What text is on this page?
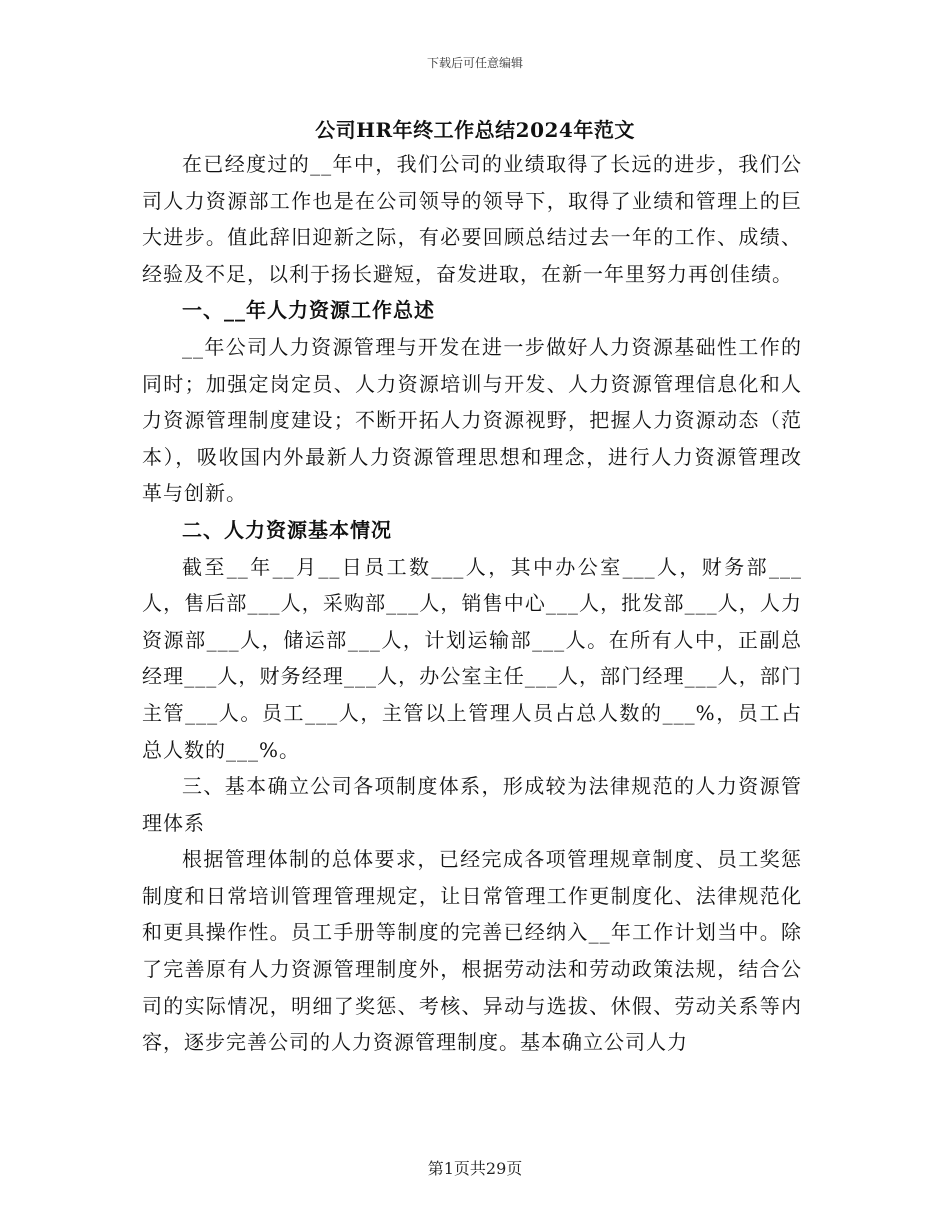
下载后可任意编辑
公司HR年终工作总结2024年范文

在已经度过的__年中，我们公司的业绩取得了长远的进步，我们公司人力资源部工作也是在公司领导的领导下，取得了业绩和管理上的巨大进步。值此辞旧迎新之际，有必要回顾总结过去一年的工作、成绩、经验及不足，以利于扬长避短，奋发进取，在新一年里努力再创佳绩。

一、__年人力资源工作总述

__年公司人力资源管理与开发在进一步做好人力资源基础性工作的同时；加强定岗定员、人力资源培训与开发、人力资源管理信息化和人力资源管理制度建设；不断开拓人力资源视野，把握人力资源动态（范本），吸收国内外最新人力资源管理思想和理念，进行人力资源管理改革与创新。

二、人力资源基本情况

截至__年__月__日员工数___人，其中办公室___人，财务部___人，售后部___人，采购部___人，销售中心___人，批发部___人，人力资源部___人，储运部___人，计划运输部___人。在所有人中，正副总经理___人，财务经理___人，办公室主任___人，部门经理___人，部门主管___人。员工___人，主管以上管理人员占总人数的___%，员工占总人数的___%。

三、基本确立公司各项制度体系，形成较为法律规范的人力资源管理体系

根据管理体制的总体要求，已经完成各项管理规章制度、员工奖惩制度和日常培训管理管理规定，让日常管理工作更制度化、法律规范化和更具操作性。员工手册等制度的完善已经纳入__年工作计划当中。除了完善原有人力资源管理制度外，根据劳动法和劳动政策法规，结合公司的实际情况，明细了奖惩、考核、异动与选拔、休假、劳动关系等内容，逐步完善公司的人力资源管理制度。基本确立公司人力

第1页共29页
